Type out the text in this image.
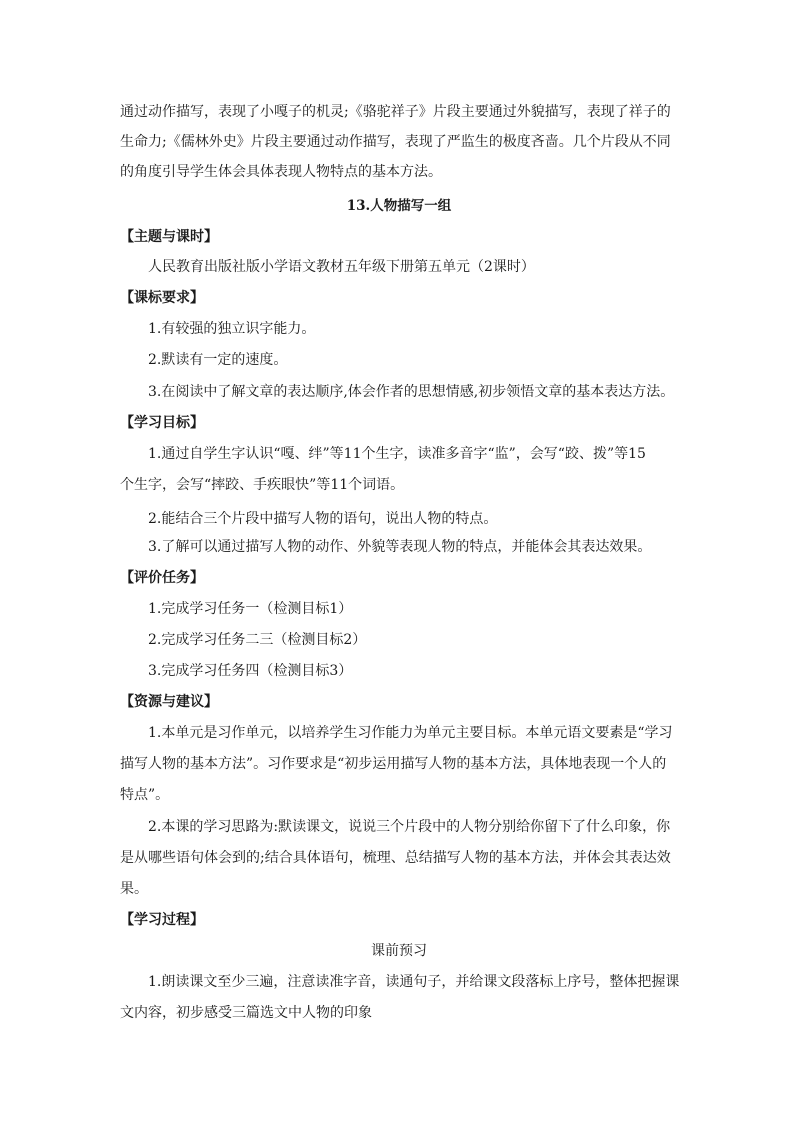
通过动作描写，表现了小嘎子的机灵;《骆驼祥子》片段主要通过外貌描写，表现了祥子的
生命力;《儒林外史》片段主要通过动作描写，表现了严监生的极度吝啬。几个片段从不同
的角度引导学生体会具体表现人物特点的基本方法。
13.人物描写一组
【主题与课时】
人民教育出版社版小学语文教材五年级下册第五单元（2课时）
【课标要求】
1.有较强的独立识字能力。
2.默读有一定的速度。
3.在阅读中了解文章的表达顺序,体会作者的思想情感,初步领悟文章的基本表达方法。
【学习目标】
1.通过自学生字认识“嘎、绊”等11个生字，读准多音字“监”，会写“跤、拨”等15
个生字，会写“摔跤、手疾眼快”等11个词语。
2.能结合三个片段中描写人物的语句，说出人物的特点。
3.了解可以通过描写人物的动作、外貌等表现人物的特点，并能体会其表达效果。
【评价任务】
1.完成学习任务一（检测目标1）
2.完成学习任务二三（检测目标2）
3.完成学习任务四（检测目标3）
【资源与建议】
1.本单元是习作单元，以培养学生习作能力为单元主要目标。本单元语文要素是“学习
描写人物的基本方法”。习作要求是“初步运用描写人物的基本方法，具体地表现一个人的
特点”。
2.本课的学习思路为:默读课文，说说三个片段中的人物分别给你留下了什么印象，你
是从哪些语句体会到的;结合具体语句，梳理、总结描写人物的基本方法，并体会其表达效
果。
【学习过程】
课前预习
1.朗读课文至少三遍，注意读准字音，读通句子，并给课文段落标上序号，整体把握课
文内容，初步感受三篇选文中人物的印象
